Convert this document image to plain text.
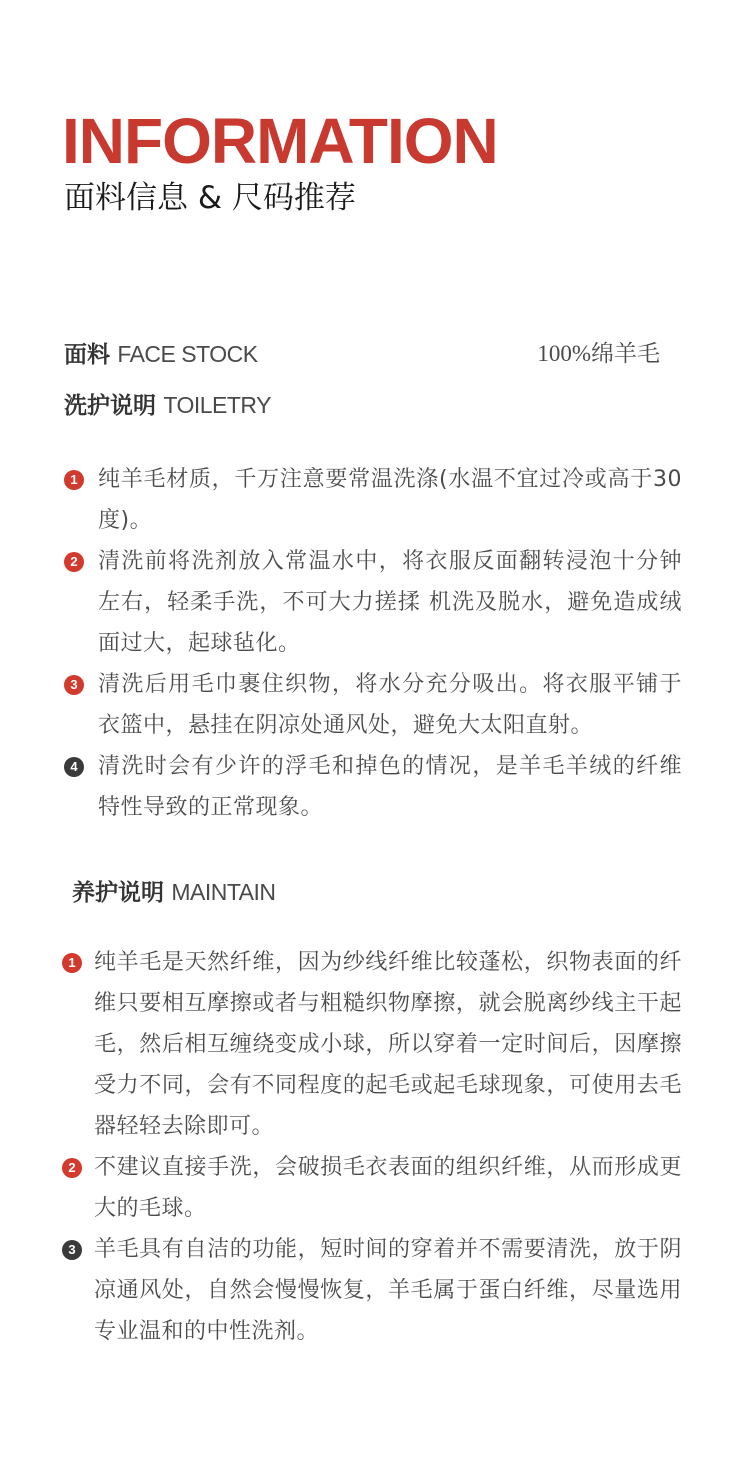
INFORMATION
面料信息 & 尺码推荐
面料 FACE STOCK	100%绵羊毛
洗护说明 TOILETRY
1 纯羊毛材质，千万注意要常温洗涤(水温不宜过冷或高于30度)。
2 清洗前将洗剂放入常温水中，将衣服反面翻转浸泡十分钟左右，轻柔手洗，不可大力搓揉 机洗及脱水，避免造成绒面过大，起球毡化。
3 清洗后用毛巾裹住织物，将水分充分吸出。将衣服平铺于衣篮中，悬挂在阴凉处通风处，避免大太阳直射。
4 清洗时会有少许的浮毛和掉色的情况，是羊毛羊绒的纤维特性导致的正常现象。
养护说明 MAINTAIN
1 纯羊毛是天然纤维，因为纱线纤维比较蓬松，织物表面的纤维只要相互摩擦或者与粗糙织物摩擦，就会脱离纱线主干起毛，然后相互缠绕变成小球，所以穿着一定时间后，因摩擦受力不同，会有不同程度的起毛或起毛球现象，可使用去毛器轻轻去除即可。
2 不建议直接手洗，会破损毛衣表面的组织纤维，从而形成更大的毛球。
3 羊毛具有自洁的功能，短时间的穿着并不需要清洗，放于阴凉通风处，自然会慢慢恢复，羊毛属于蛋白纤维，尽量选用专业温和的中性洗剂。
